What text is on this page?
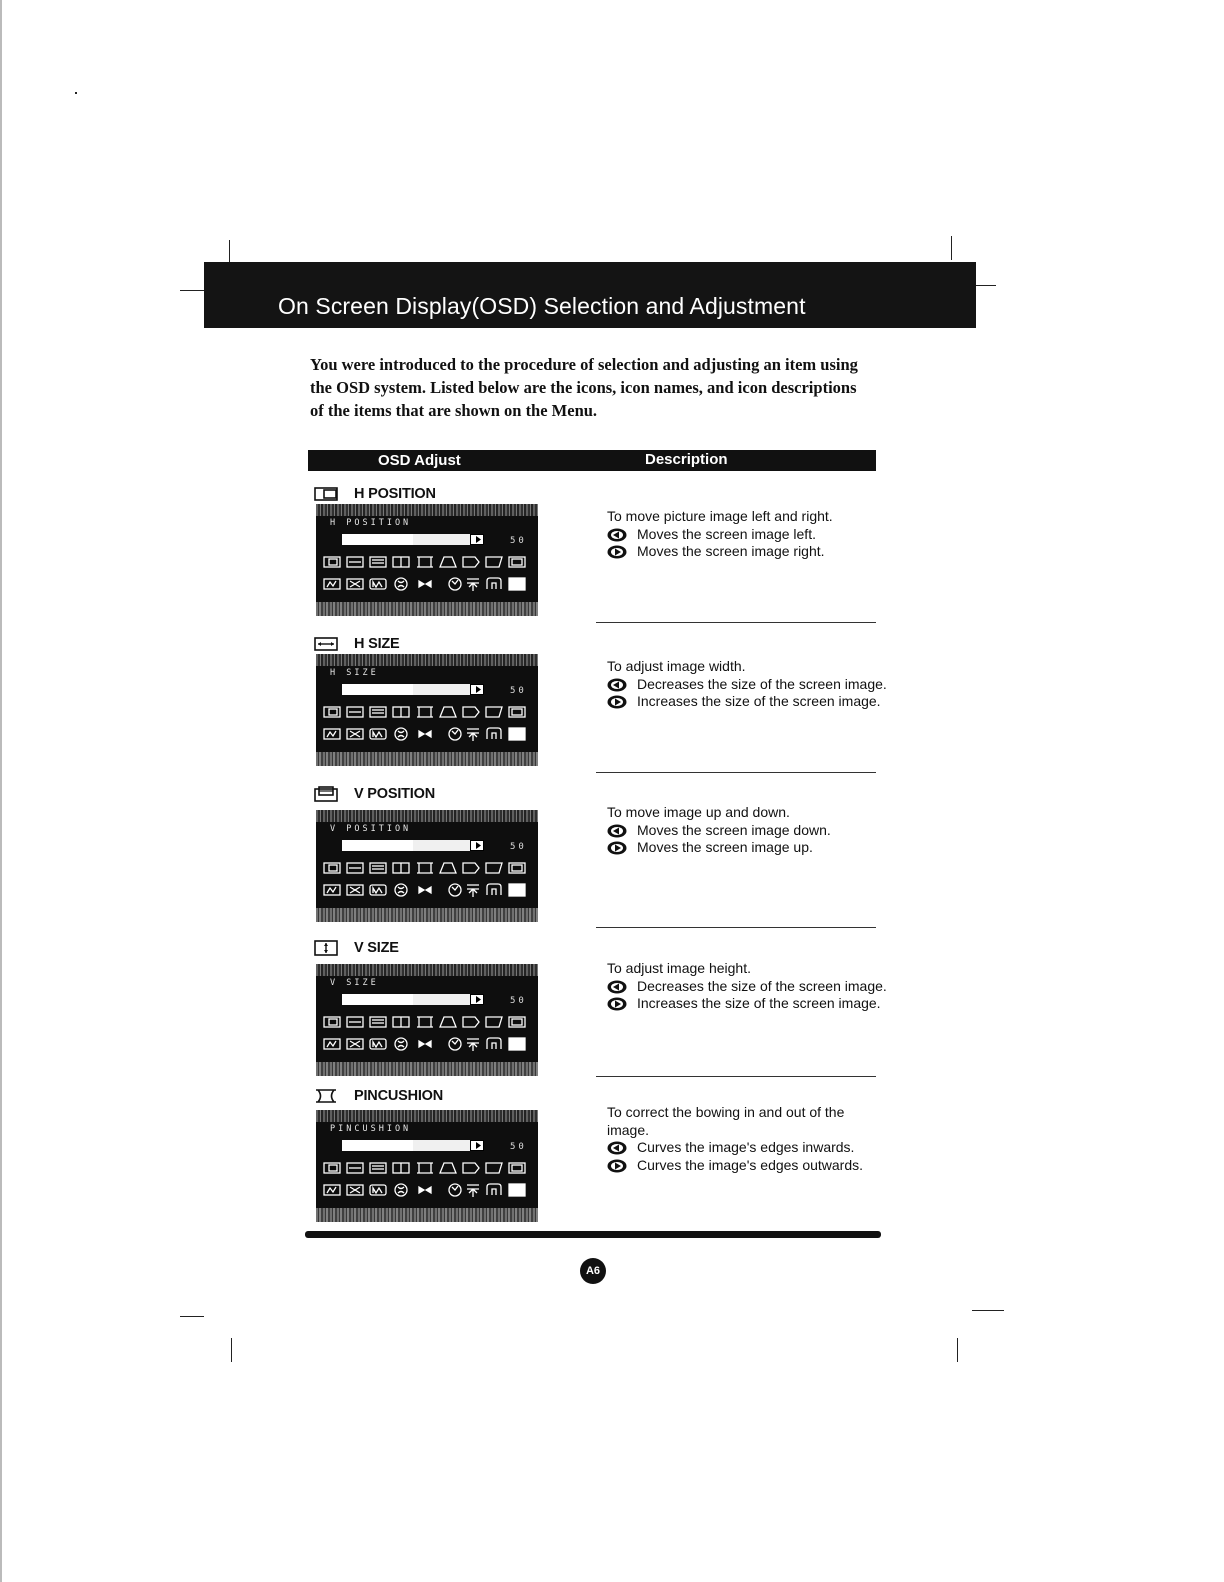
On Screen Display(OSD) Selection and Adjustment
You were introduced to the procedure of selection and adjusting an item using the OSD system. Listed below are the icons, icon names, and icon descriptions of the items that are shown on the Menu.
OSD Adjust	Description
H POSITION
H POSITION
50
To move picture image left and right.
Moves the screen image left.
Moves the screen image right.
H SIZE
H SIZE
50
To adjust image width.
Decreases the size of the screen image.
Increases the size of the screen image.
V POSITION
V POSITION
50
To move image up and down.
Moves the screen image down.
Moves the screen image up.
V SIZE
V SIZE
50
To adjust image height.
Decreases the size of the screen image.
Increases the size of the screen image.
PINCUSHION
PINCUSHION
50
To correct the bowing in and out of the image.
Curves the image's edges inwards.
Curves the image's edges outwards.
A6
